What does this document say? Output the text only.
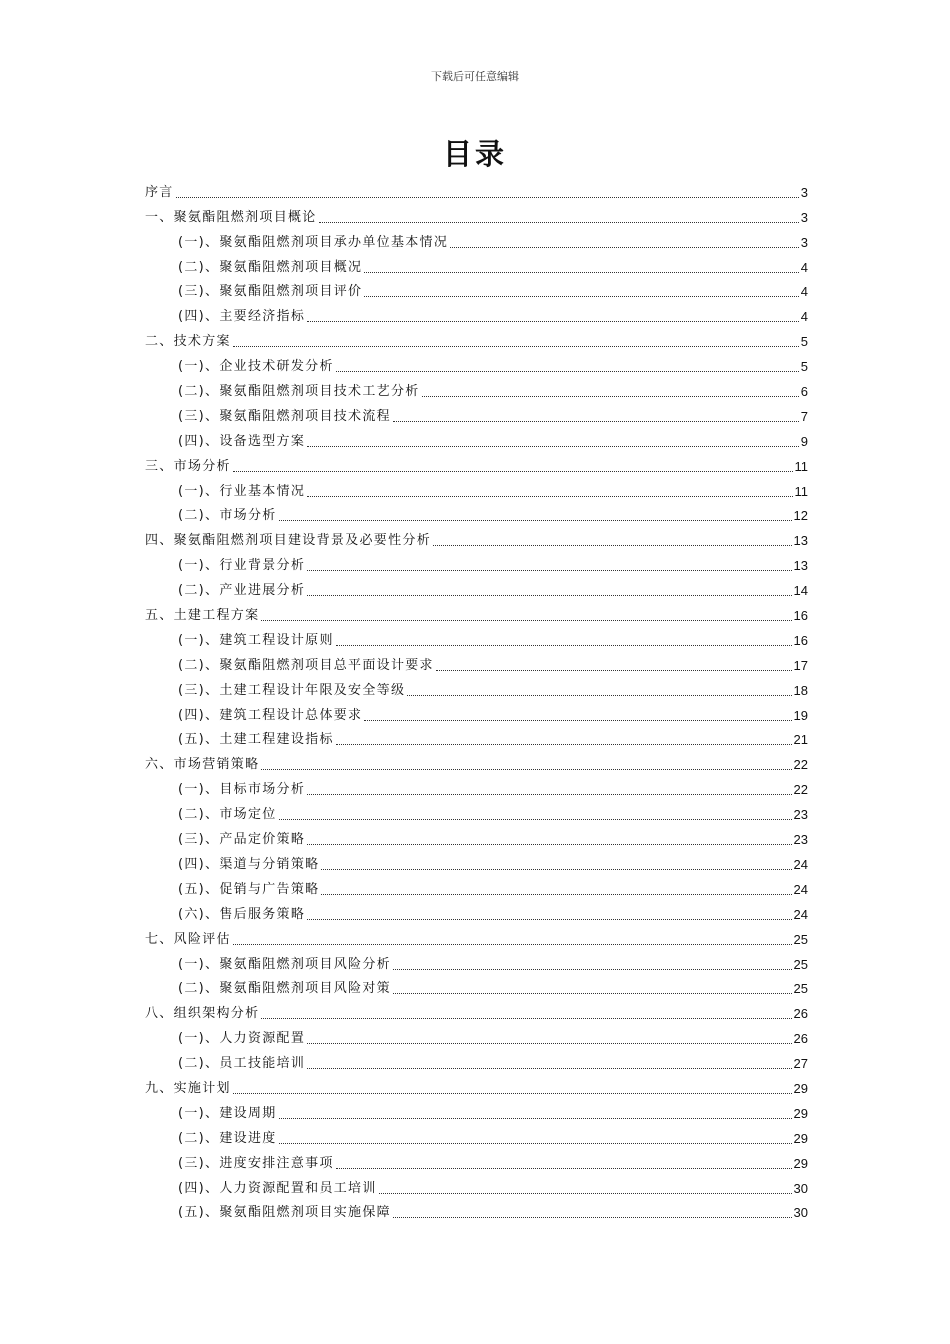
下载后可任意编辑
目录
序言	3
一、聚氨酯阻燃剂项目概论	3
(一)、聚氨酯阻燃剂项目承办单位基本情况	3
(二)、聚氨酯阻燃剂项目概况	4
(三)、聚氨酯阻燃剂项目评价	4
(四)、主要经济指标	4
二、技术方案	5
(一)、企业技术研发分析	5
(二)、聚氨酯阻燃剂项目技术工艺分析	6
(三)、聚氨酯阻燃剂项目技术流程	7
(四)、设备选型方案	9
三、市场分析	11
(一)、行业基本情况	11
(二)、市场分析	12
四、聚氨酯阻燃剂项目建设背景及必要性分析	13
(一)、行业背景分析	13
(二)、产业进展分析	14
五、土建工程方案	16
(一)、建筑工程设计原则	16
(二)、聚氨酯阻燃剂项目总平面设计要求	17
(三)、土建工程设计年限及安全等级	18
(四)、建筑工程设计总体要求	19
(五)、土建工程建设指标	21
六、市场营销策略	22
(一)、目标市场分析	22
(二)、市场定位	23
(三)、产品定价策略	23
(四)、渠道与分销策略	24
(五)、促销与广告策略	24
(六)、售后服务策略	24
七、风险评估	25
(一)、聚氨酯阻燃剂项目风险分析	25
(二)、聚氨酯阻燃剂项目风险对策	25
八、组织架构分析	26
(一)、人力资源配置	26
(二)、员工技能培训	27
九、实施计划	29
(一)、建设周期	29
(二)、建设进度	29
(三)、进度安排注意事项	29
(四)、人力资源配置和员工培训	30
(五)、聚氨酯阻燃剂项目实施保障	30
